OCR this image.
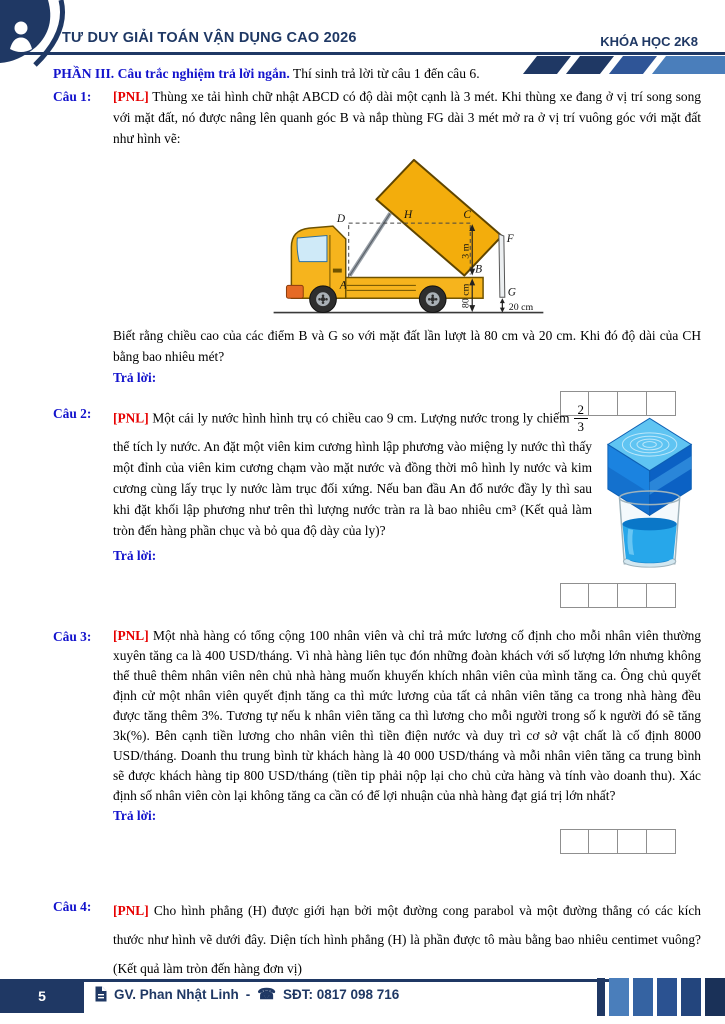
TƯ DUY GIẢI TOÁN VẬN DỤNG CAO 2026	KHÓA HỌC 2K8
PHẦN III. Câu trắc nghiệm trả lời ngắn. Thí sinh trả lời từ câu 1 đến câu 6.
Câu 1:	[PNL] Thùng xe tải hình chữ nhật ABCD có độ dài một cạnh là 3 mét. Khi thùng xe đang ở vị trí song song với mặt đất, nó được nâng lên quanh góc B và nắp thùng FG dài 3 mét mở ra ở vị trí vuông góc với mặt đất như hình vẽ:
3 m
80 cm	20 cm
D	H	C
F
B
G
A
Biết rằng chiều cao của các điểm B và G so với mặt đất lần lượt là 80 cm và 20 cm. Khi đó độ dài của CH bằng bao nhiêu mét?
Trả lời:
Câu 2:	[PNL] Một cái ly nước hình hình trụ có chiều cao 9 cm. Lượng nước trong ly chiếm $\frac{2}{3}$
thể tích ly nước. An đặt một viên kim cương hình lập phương vào miệng ly nước thì thấy một đỉnh của viên kim cương chạm vào mặt nước và đồng thời mô hình ly nước và kim cương cùng lấy trục ly nước làm trục đối xứng. Nếu ban đầu An đổ nước đầy ly thì sau khi đặt khối lập phương như trên thì lượng nước tràn ra là bao nhiêu cm³ (Kết quả làm tròn đến hàng phần chục và bỏ qua độ dày của ly)?
Trả lời:
Câu 3:	[PNL] Một nhà hàng có tổng cộng 100 nhân viên và chỉ trả mức lương cố định cho mỗi nhân viên thường xuyên tăng ca là 400 USD/tháng. Vì nhà hàng liên tục đón những đoàn khách với số lượng lớn nhưng không thể thuê thêm nhân viên nên chủ nhà hàng muốn khuyến khích nhân viên của mình tăng ca. Ông chủ quyết định cử một nhân viên quyết định tăng ca thì mức lương của tất cả nhân viên tăng ca trong nhà hàng đều được tăng thêm 3%. Tương tự nếu k nhân viên tăng ca thì lương cho mỗi người trong số k người đó sẽ tăng 3k(%). Bên cạnh tiền lương cho nhân viên thì tiền điện nước và duy trì cơ sở vật chất là cố định 8000 USD/tháng. Doanh thu trung bình từ khách hàng là 40 000 USD/tháng và mỗi nhân viên tăng ca trung bình sẽ được khách hàng tip 800 USD/tháng (tiền tip phải nộp lại cho chủ cửa hàng và tính vào doanh thu). Xác định số nhân viên còn lại không tăng ca cần có để lợi nhuận của nhà hàng đạt giá trị lớn nhất?
Trả lời:
Câu 4:	[PNL] Cho hình phẳng (H) được giới hạn bởi một đường cong parabol và một đường thẳng có các kích thước như hình vẽ dưới đây. Diện tích hình phẳng (H) là phần được tô màu bằng bao nhiêu centimet vuông? (Kết quả làm tròn đến hàng đơn vị)
5	GV. Phan Nhật Linh - ☎ SĐT: 0817 098 716
